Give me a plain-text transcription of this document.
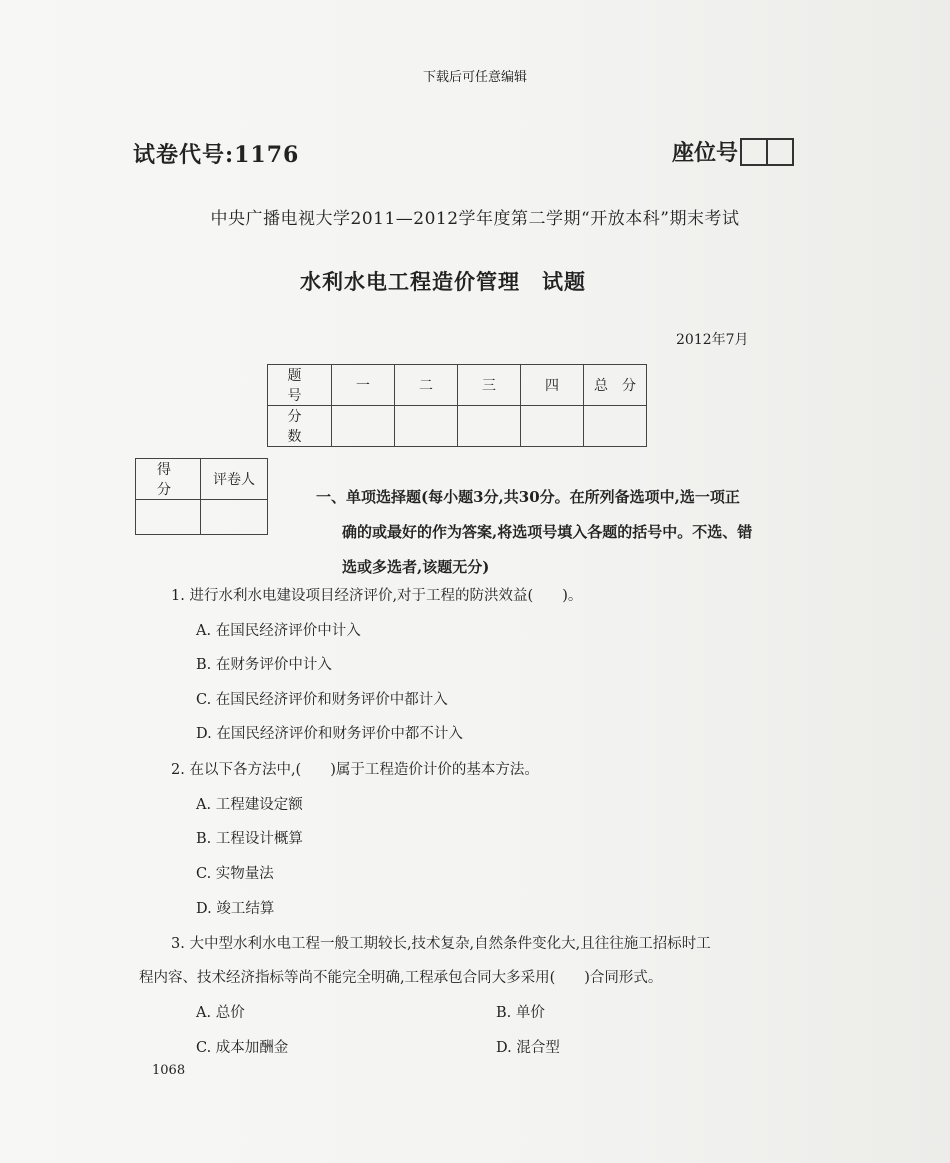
下载后可任意编辑
试卷代号:1176	座位号
中央广播电视大学2011—2012学年度第二学期“开放本科”期末考试
水利水电工程造价管理　试题
2012年7月
题　号	一	二	三	四	总　分
分　数					
得　分	评卷人

一、单项选择题(每小题3分,共30分。在所列备选项中,选一项正
确的或最好的作为答案,将选项号填入各题的括号中。不选、错
选或多选者,该题无分)
1. 进行水利水电建设项目经济评价,对于工程的防洪效益(　　)。
A. 在国民经济评价中计入
B. 在财务评价中计入
C. 在国民经济评价和财务评价中都计入
D. 在国民经济评价和财务评价中都不计入
2. 在以下各方法中,(　　)属于工程造价计价的基本方法。
A. 工程建设定额
B. 工程设计概算
C. 实物量法
D. 竣工结算
3. 大中型水利水电工程一般工期较长,技术复杂,自然条件变化大,且往往施工招标时工
程内容、技术经济指标等尚不能完全明确,工程承包合同大多采用(　　)合同形式。
A. 总价	B. 单价
C. 成本加酬金	D. 混合型
1068
